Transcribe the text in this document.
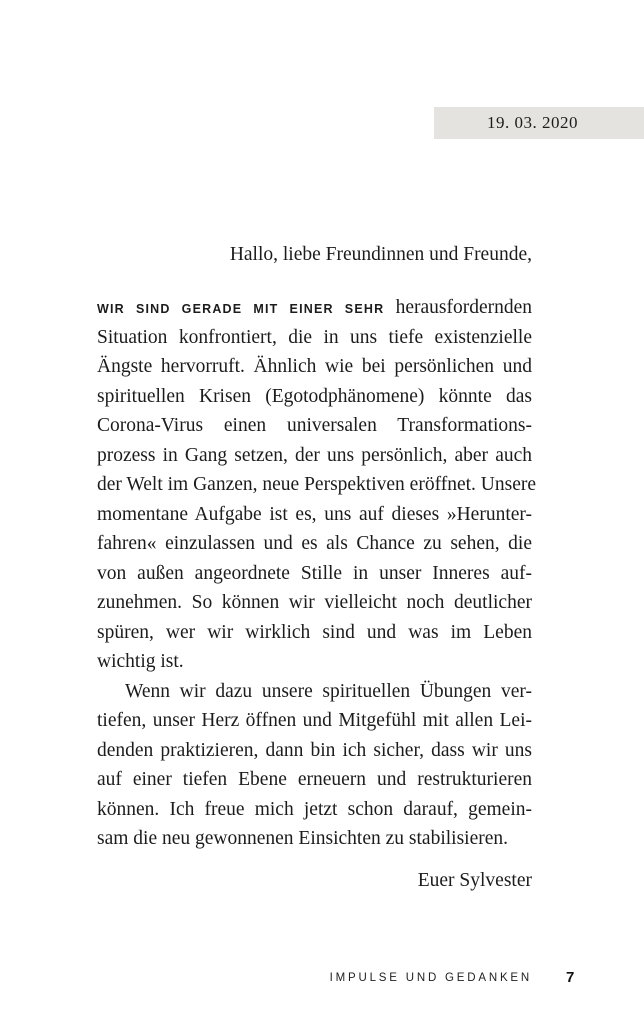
19. 03. 2020
Hallo, liebe Freundinnen und Freunde,
WIR SIND GERADE MIT EINER SEHR herausfordernden
Situation konfrontiert, die in uns tiefe existenzielle
Ängste hervorruft. Ähnlich wie bei persönlichen und
spirituellen Krisen (Egotodphänomene) könnte das
Corona-Virus einen universalen Transformations-
prozess in Gang setzen, der uns persönlich, aber auch
der Welt im Ganzen, neue Perspektiven eröffnet. Unsere
momentane Aufgabe ist es, uns auf dieses »Herunter-
fahren« einzulassen und es als Chance zu sehen, die
von außen angeordnete Stille in unser Inneres auf-
zunehmen. So können wir vielleicht noch deutlicher
spüren, wer wir wirklich sind und was im Leben
wichtig ist.
Wenn wir dazu unsere spirituellen Übungen ver-
tiefen, unser Herz öffnen und Mitgefühl mit allen Lei-
denden praktizieren, dann bin ich sicher, dass wir uns
auf einer tiefen Ebene erneuern und restrukturieren
können. Ich freue mich jetzt schon darauf, gemein-
sam die neu gewonnenen Einsichten zu stabilisieren.
Euer Sylvester
IMPULSE UND GEDANKEN 7
